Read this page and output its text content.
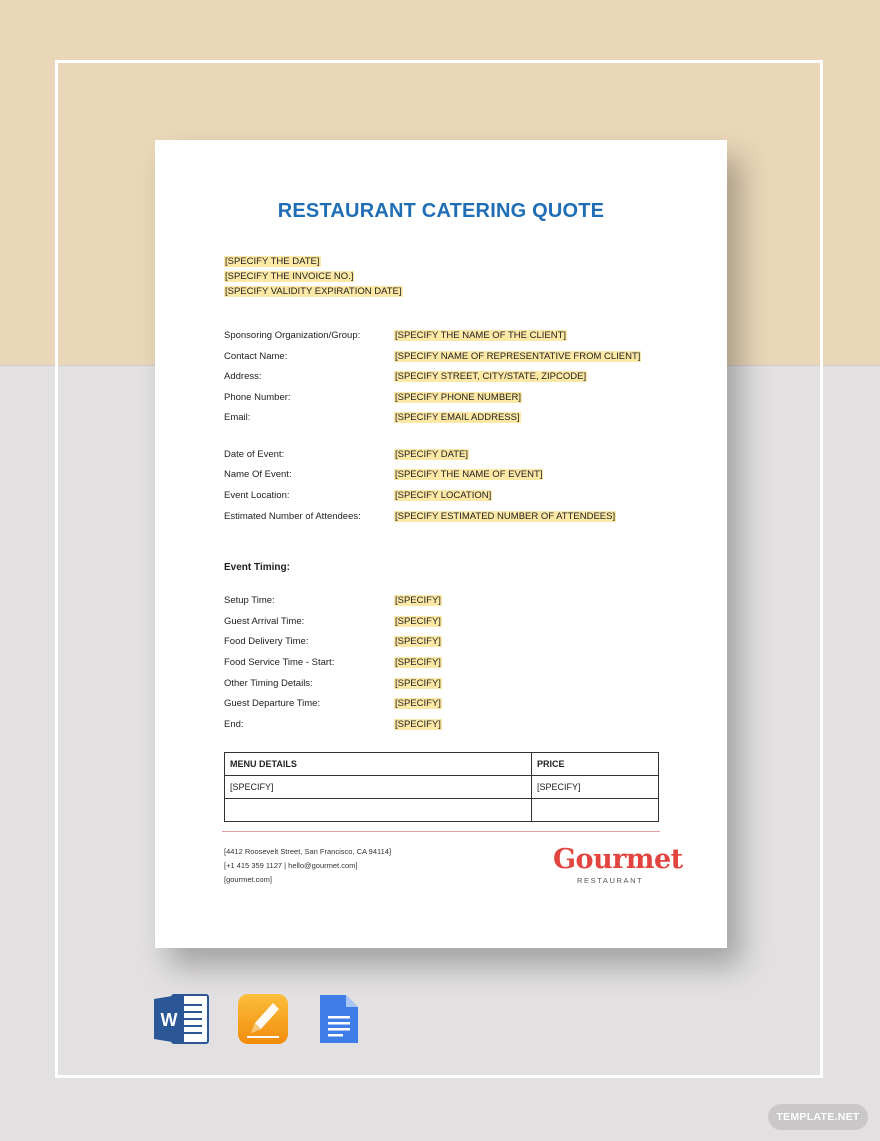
RESTAURANT CATERING QUOTE
[SPECIFY THE DATE]
[SPECIFY THE INVOICE NO.]
[SPECIFY VALIDITY EXPIRATION DATE]
Sponsoring Organization/Group:	[SPECIFY THE NAME OF THE CLIENT]
Contact Name:	[SPECIFY NAME OF REPRESENTATIVE FROM CLIENT]
Address:	[SPECIFY STREET, CITY/STATE, ZIPCODE]
Phone Number:	[SPECIFY PHONE NUMBER]
Email:	[SPECIFY EMAIL ADDRESS]
Date of Event:	[SPECIFY DATE]
Name Of Event:	[SPECIFY THE NAME OF EVENT]
Event Location:	[SPECIFY LOCATION]
Estimated Number of Attendees:	[SPECIFY ESTIMATED NUMBER OF ATTENDEES]
Event Timing:
Setup Time:	[SPECIFY]
Guest Arrival Time:	[SPECIFY]
Food Delivery Time:	[SPECIFY]
Food Service Time - Start:	[SPECIFY]
Other Timing Details:	[SPECIFY]
Guest Departure Time:	[SPECIFY]
End:	[SPECIFY]
MENU DETAILS	PRICE
[SPECIFY]	[SPECIFY]

[4412 Roosevelt Street, San Francisco, CA 94114]
[+1 415 359 1127 | hello@gourmet.com]
[gourmet.com]
Gourmet
RESTAURANT
W
TEMPLATE.NET
